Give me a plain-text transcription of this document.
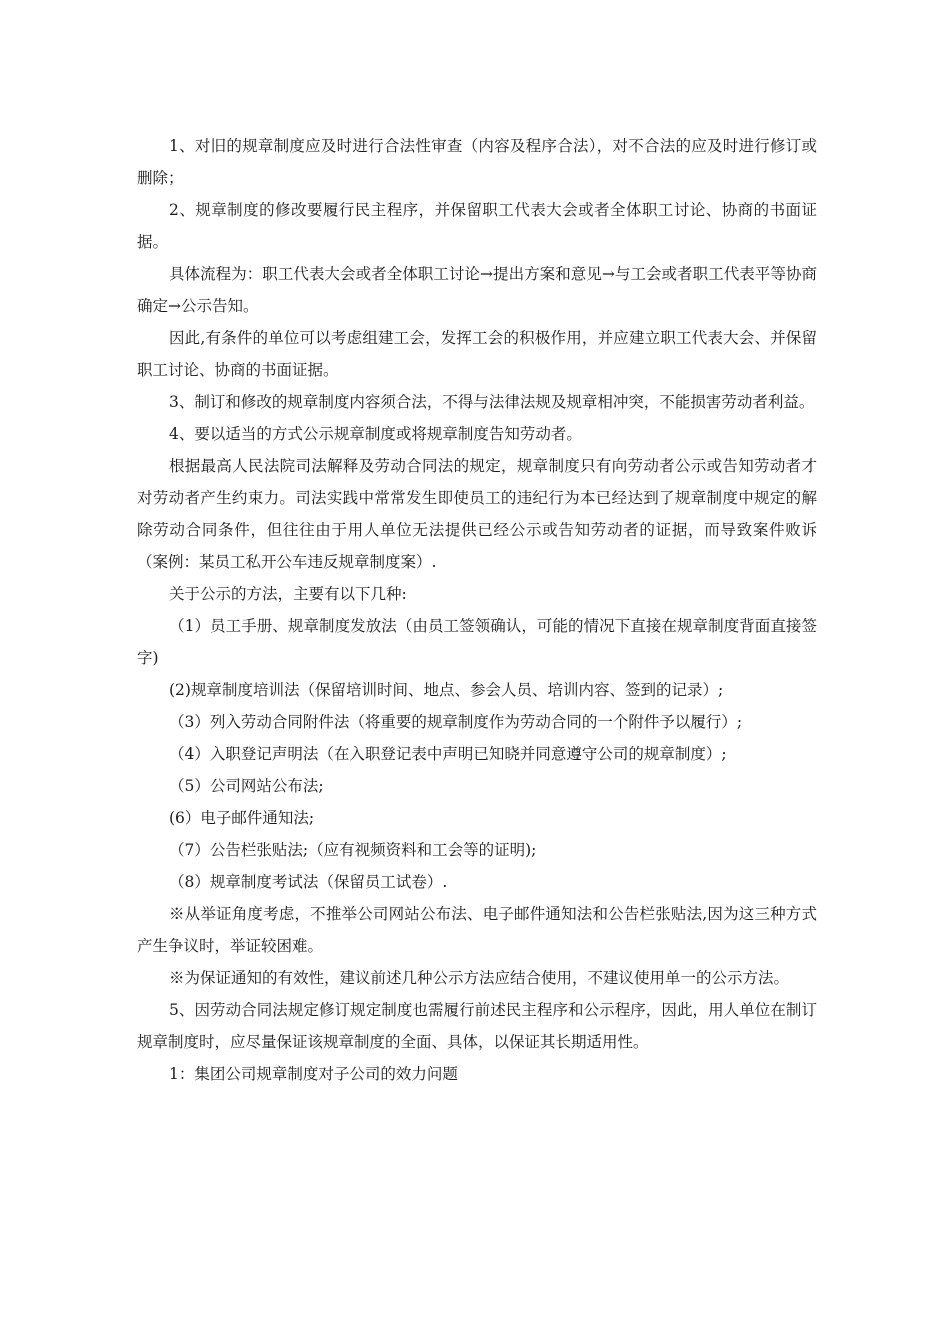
1、对旧的规章制度应及时进行合法性审查（内容及程序合法），对不合法的应及时进行修订或删除；

2、规章制度的修改要履行民主程序，并保留职工代表大会或者全体职工讨论、协商的书面证据。

具体流程为：职工代表大会或者全体职工讨论→提出方案和意见→与工会或者职工代表平等协商确定→公示告知。

因此,有条件的单位可以考虑组建工会，发挥工会的积极作用，并应建立职工代表大会、并保留职工讨论、协商的书面证据。

3、制订和修改的规章制度内容须合法，不得与法律法规及规章相冲突，不能损害劳动者利益。

4、要以适当的方式公示规章制度或将规章制度告知劳动者。

根据最高人民法院司法解释及劳动合同法的规定，规章制度只有向劳动者公示或告知劳动者才对劳动者产生约束力。司法实践中常常发生即使员工的违纪行为本已经达到了规章制度中规定的解除劳动合同条件，但往往由于用人单位无法提供已经公示或告知劳动者的证据，而导致案件败诉（案例：某员工私开公车违反规章制度案）.

关于公示的方法，主要有以下几种:

（1）员工手册、规章制度发放法（由员工签领确认，可能的情况下直接在规章制度背面直接签字)

(2)规章制度培训法（保留培训时间、地点、参会人员、培训内容、签到的记录）;

（3）列入劳动合同附件法（将重要的规章制度作为劳动合同的一个附件予以履行）;

（4）入职登记声明法（在入职登记表中声明已知晓并同意遵守公司的规章制度）;

（5）公司网站公布法;

(6）电子邮件通知法;

（7）公告栏张贴法;（应有视频资料和工会等的证明);

（8）规章制度考试法（保留员工试卷）.

※从举证角度考虑，不推举公司网站公布法、电子邮件通知法和公告栏张贴法,因为这三种方式产生争议时，举证较困难。

※为保证通知的有效性，建议前述几种公示方法应结合使用，不建议使用单一的公示方法。

5、因劳动合同法规定修订规定制度也需履行前述民主程序和公示程序，因此，用人单位在制订规章制度时，应尽量保证该规章制度的全面、具体，以保证其长期适用性。

1：集团公司规章制度对子公司的效力问题
